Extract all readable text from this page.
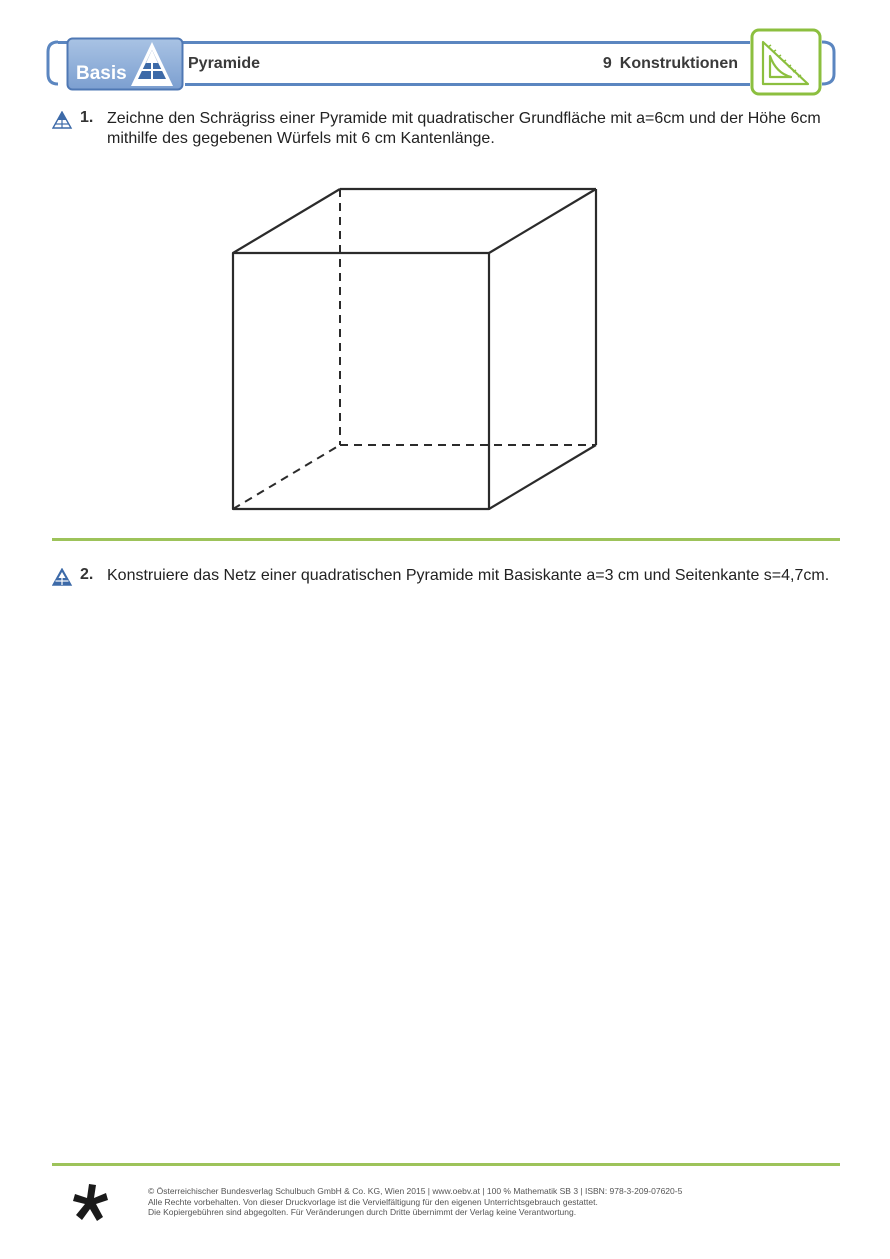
Basis	Pyramide	9 Konstruktionen
1. Zeichne den Schrägriss einer Pyramide mit quadratischer Grundfläche mit a=6cm und der Höhe 6cm mithilfe des gegebenen Würfels mit 6 cm Kantenlänge.
2. Konstruiere das Netz einer quadratischen Pyramide mit Basiskante a=3 cm und Seitenkante s=4,7cm.
© Österreichischer Bundesverlag Schulbuch GmbH & Co. KG, Wien 2015 | www.oebv.at | 100 % Mathematik SB 3 | ISBN: 978-3-209-07620-5
Alle Rechte vorbehalten. Von dieser Druckvorlage ist die Vervielfältigung für den eigenen Unterrichtsgebrauch gestattet.
Die Kopiergebühren sind abgegolten. Für Veränderungen durch Dritte übernimmt der Verlag keine Verantwortung.
